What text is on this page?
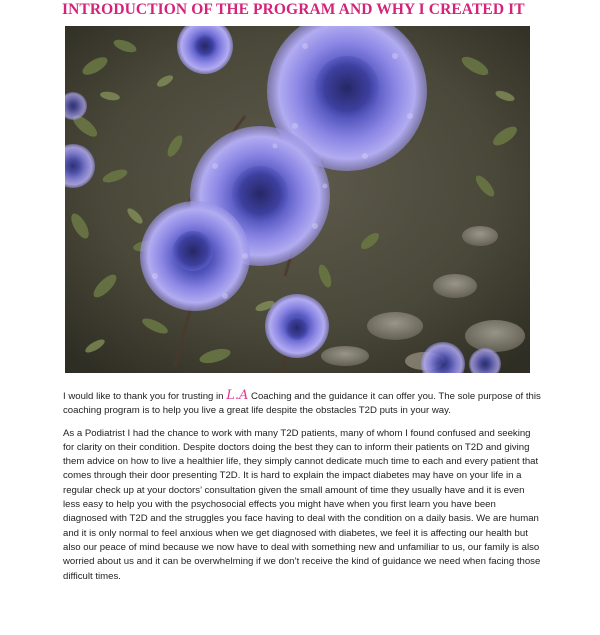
INTRODUCTION OF THE PROGRAM AND WHY I CREATED IT

I would like to thank you for trusting in L.A Coaching and the guidance it can offer you. The sole purpose of this coaching program is to help you live a great life despite the obstacles T2D puts in your way.

As a Podiatrist I had the chance to work with many T2D patients, many of whom I found confused and seeking for clarity on their condition. Despite doctors doing the best they can to inform their patients on T2D and giving them advice on how to live a healthier life, they simply cannot dedicate much time to each and every patient that comes through their door presenting T2D. It is hard to explain the impact diabetes may have on your life in a regular check up at your doctors’ consultation given the small amount of time they usually have and it is even less easy to help you with the psychosocial effects you might have when you first learn you have been diagnosed with T2D and the struggles you face having to deal with the condition on a daily basis. We are human and it is only normal to feel anxious when we get diagnosed with diabetes, we feel it is affecting our health but also our peace of mind because we now have to deal with something new and unfamiliar to us, our family is also worried about us and it can be overwhelming if we don’t receive the kind of guidance we need when facing those difficult times.
